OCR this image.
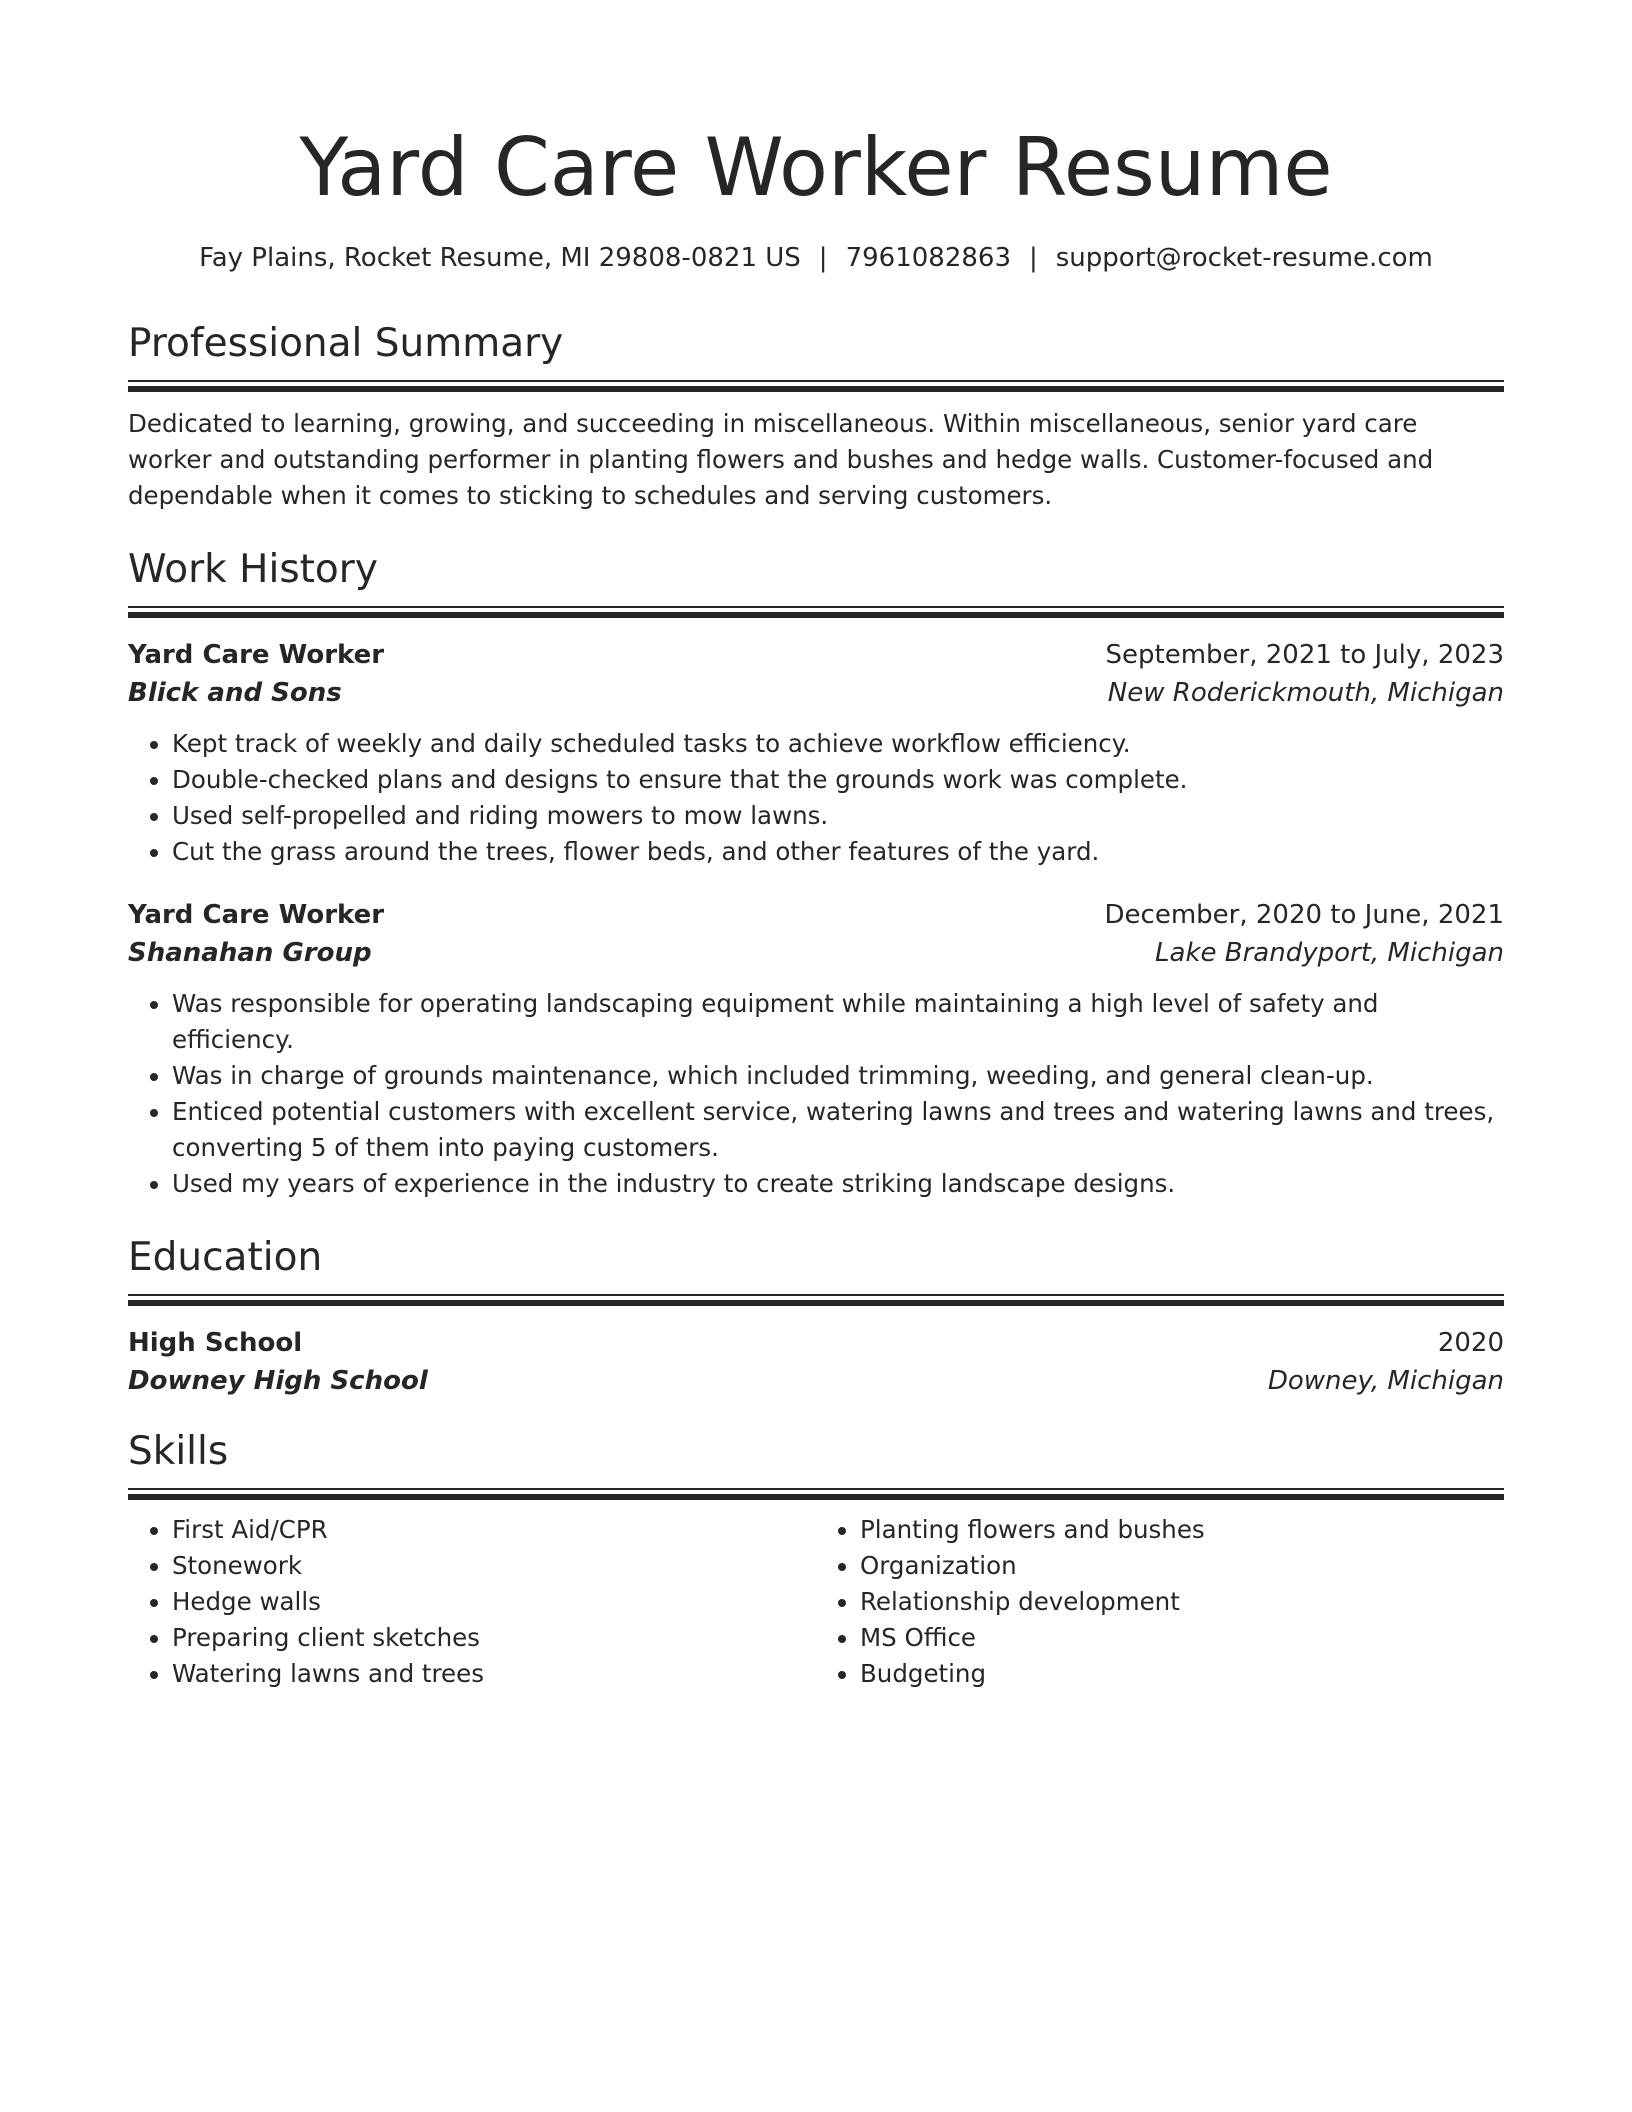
Yard Care Worker Resume
Fay Plains, Rocket Resume, MI 29808-0821 US | 7961082863 | support@rocket-resume.com
Professional Summary
Dedicated to learning, growing, and succeeding in miscellaneous. Within miscellaneous, senior yard care worker and outstanding performer in planting flowers and bushes and hedge walls. Customer-focused and dependable when it comes to sticking to schedules and serving customers.
Work History
Yard Care Worker	September, 2021 to July, 2023
Blick and Sons	New Roderickmouth, Michigan
• Kept track of weekly and daily scheduled tasks to achieve workflow efficiency.
• Double-checked plans and designs to ensure that the grounds work was complete.
• Used self-propelled and riding mowers to mow lawns.
• Cut the grass around the trees, flower beds, and other features of the yard.
Yard Care Worker	December, 2020 to June, 2021
Shanahan Group	Lake Brandyport, Michigan
• Was responsible for operating landscaping equipment while maintaining a high level of safety and efficiency.
• Was in charge of grounds maintenance, which included trimming, weeding, and general clean-up.
• Enticed potential customers with excellent service, watering lawns and trees and watering lawns and trees, converting 5 of them into paying customers.
• Used my years of experience in the industry to create striking landscape designs.
Education
High School	2020
Downey High School	Downey, Michigan
Skills
• First Aid/CPR
• Stonework
• Hedge walls
• Preparing client sketches
• Watering lawns and trees
• Planting flowers and bushes
• Organization
• Relationship development
• MS Office
• Budgeting
